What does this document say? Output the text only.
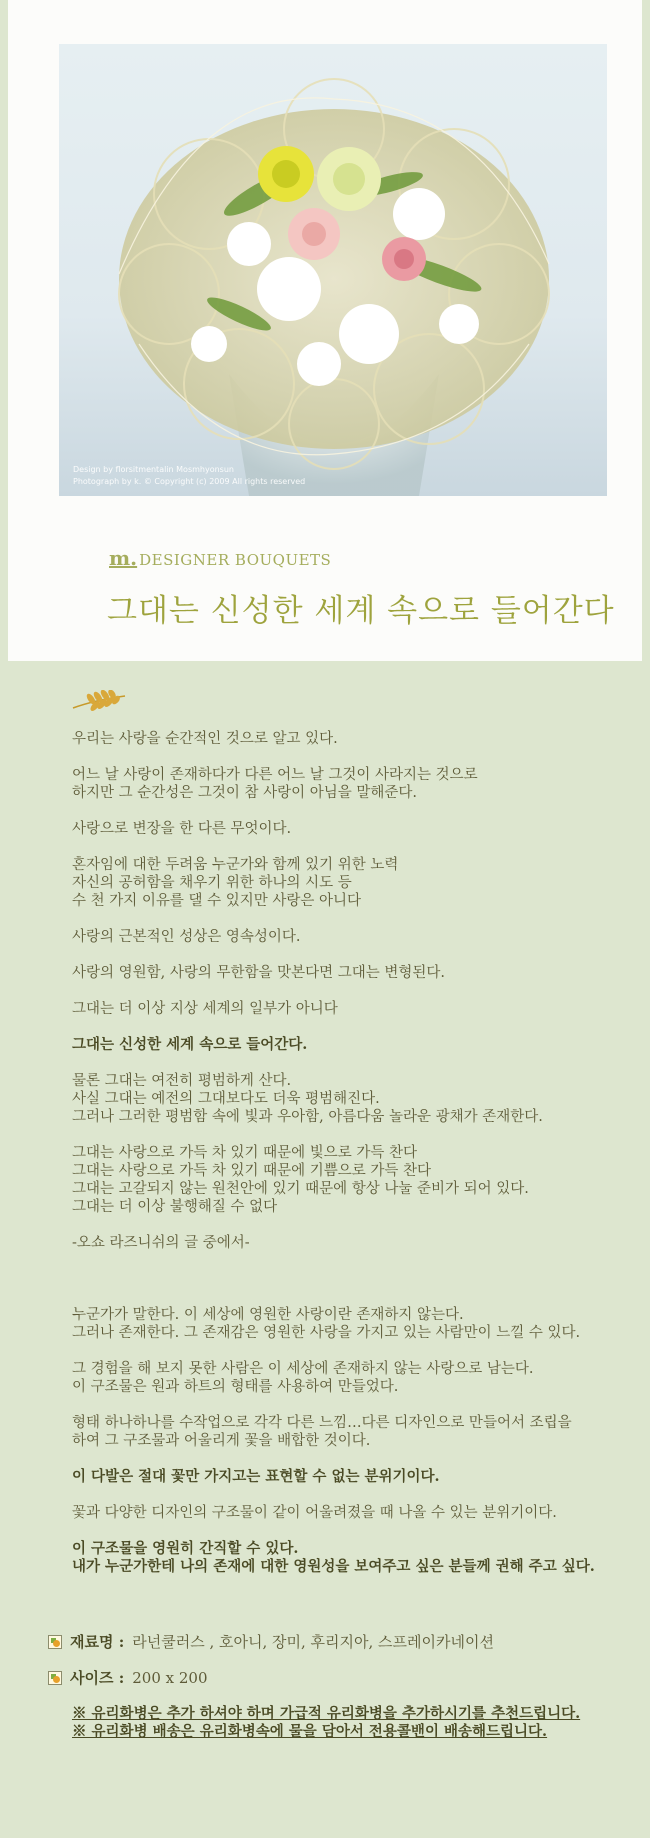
Design by florsitmentalin Mosmhyonsun
Photograph by k. © Copyright (c) 2009 All rights reserved
m. DESIGNER BOUQUETS
그대는 신성한 세계 속으로 들어간다

우리는 사랑을 순간적인 것으로 알고 있다.

어느 날 사랑이 존재하다가 다른 어느 날 그것이 사라지는 것으로

하지만 그 순간성은 그것이 참 사랑이 아님을 말해준다.

사랑으로 변장을 한 다른 무엇이다.

혼자임에 대한 두려움 누군가와 함께 있기 위한 노력

자신의 공허함을 채우기 위한 하나의 시도 등

수 천 가지 이유를 댈 수 있지만 사랑은 아니다

사랑의 근본적인 성상은 영속성이다.

사랑의 영원함, 사랑의 무한함을 맛본다면 그대는 변형된다.

그대는 더 이상 지상 세계의 일부가 아니다

그대는 신성한 세계 속으로 들어간다.

물론 그대는 여전히 평범하게 산다.

사실 그대는 예전의 그대보다도 더욱 평범해진다.

그러나 그러한 평범함 속에 빛과 우아함, 아름다움 놀라운 광채가 존재한다.

그대는 사랑으로 가득 차 있기 때문에 빛으로 가득 찬다

그대는 사랑으로 가득 차 있기 때문에 기쁨으로 가득 찬다

그대는 고갈되지 않는 원천안에 있기 때문에 항상 나눌 준비가 되어 있다.

그대는 더 이상 불행해질 수 없다

-오쇼 라즈니쉬의 글 중에서-

누군가가 말한다. 이 세상에 영원한 사랑이란 존재하지 않는다.

그러나 존재한다. 그 존재감은 영원한 사랑을 가지고 있는 사람만이 느낄 수 있다.

그 경험을 해 보지 못한 사람은 이 세상에 존재하지 않는 사랑으로 남는다.

이 구조물은 원과 하트의 형태를 사용하여 만들었다.

형태 하나하나를 수작업으로 각각 다른 느낌…다른 디자인으로 만들어서 조립을

하여 그 구조물과 어울리게 꽃을 배합한 것이다.

이 다발은 절대 꽃만 가지고는 표현할 수 없는 분위기이다.

꽃과 다양한 디자인의 구조물이 같이 어울려졌을 때 나올 수 있는 분위기이다.

이 구조물을 영원히 간직할 수 있다.

내가 누군가한테 나의 존재에 대한 영원성을 보여주고 싶은 분들께 권해 주고 싶다.

재료명 : 라넌쿨러스 , 호아니, 장미, 후리지아, 스프레이카네이션
사이즈 : 200 x 200

※ 유리화병은 추가 하셔야 하며 가급적 유리화병을 추가하시기를 추천드립니다.

※ 유리화병 배송은 유리화병속에 물을 담아서 전용콜밴이 배송해드립니다.
